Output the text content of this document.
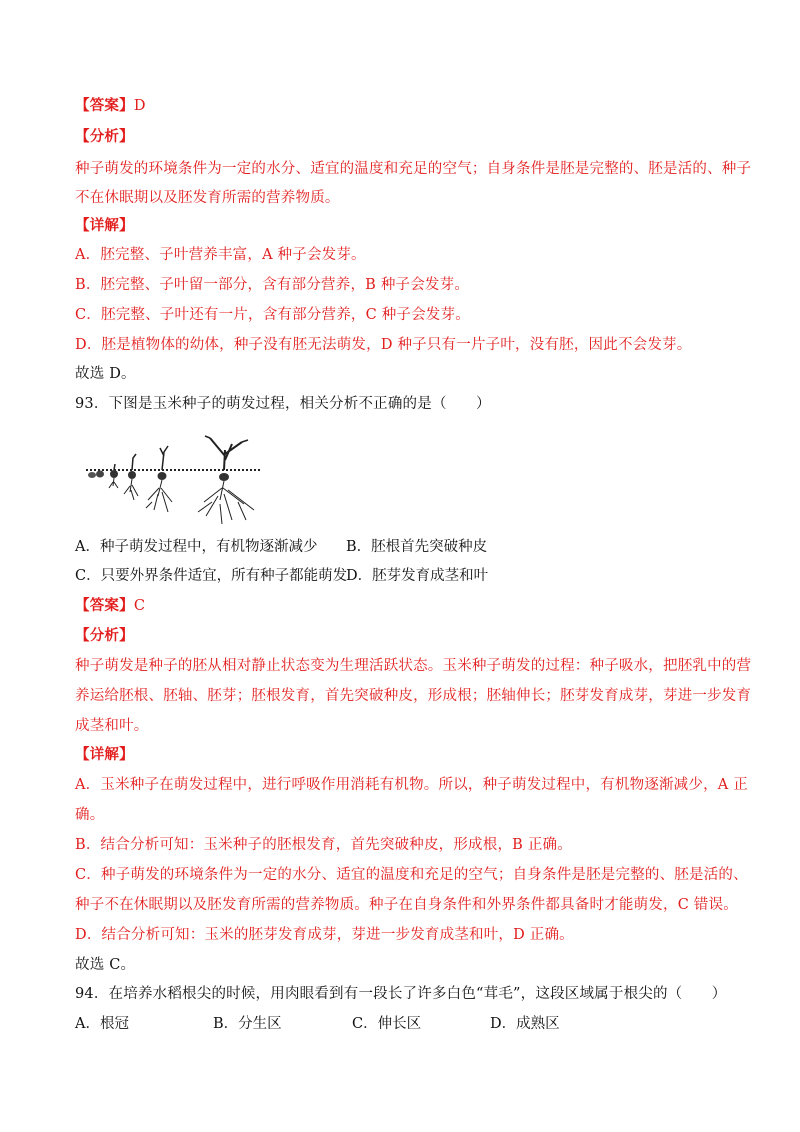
【答案】D
【分析】
种子萌发的环境条件为一定的水分、适宜的温度和充足的空气；自身条件是胚是完整的、胚是活的、种子
不在休眠期以及胚发育所需的营养物质。
【详解】
A．胚完整、子叶营养丰富，A 种子会发芽。
B．胚完整、子叶留一部分，含有部分营养，B 种子会发芽。
C．胚完整、子叶还有一片，含有部分营养，C 种子会发芽。
D．胚是植物体的幼体，种子没有胚无法萌发，D 种子只有一片子叶，没有胚，因此不会发芽。
故选 D。
93．下图是玉米种子的萌发过程，相关分析不正确的是（　　）
A．种子萌发过程中，有机物逐渐减少 B．胚根首先突破种皮
C．只要外界条件适宜，所有种子都能萌发
D．胚芽发育成茎和叶
【答案】C
【分析】
种子萌发是种子的胚从相对静止状态变为生理活跃状态。玉米种子萌发的过程：种子吸水，把胚乳中的营
养运给胚根、胚轴、胚芽；胚根发育，首先突破种皮，形成根；胚轴伸长；胚芽发育成芽，芽进一步发育
成茎和叶。
【详解】
A．玉米种子在萌发过程中，进行呼吸作用消耗有机物。所以，种子萌发过程中，有机物逐渐减少，A 正
确。
B．结合分析可知：玉米种子的胚根发育，首先突破种皮，形成根，B 正确。
C．种子萌发的环境条件为一定的水分、适宜的温度和充足的空气；自身条件是胚是完整的、胚是活的、
种子不在休眠期以及胚发育所需的营养物质。种子在自身条件和外界条件都具备时才能萌发，C 错误。
D．结合分析可知：玉米的胚芽发育成芽，芽进一步发育成茎和叶，D 正确。
故选 C。
94．在培养水稻根尖的时候，用肉眼看到有一段长了许多白色“茸毛”，这段区域属于根尖的（　　）
A．根冠	B．分生区	C．伸长区	D．成熟区
